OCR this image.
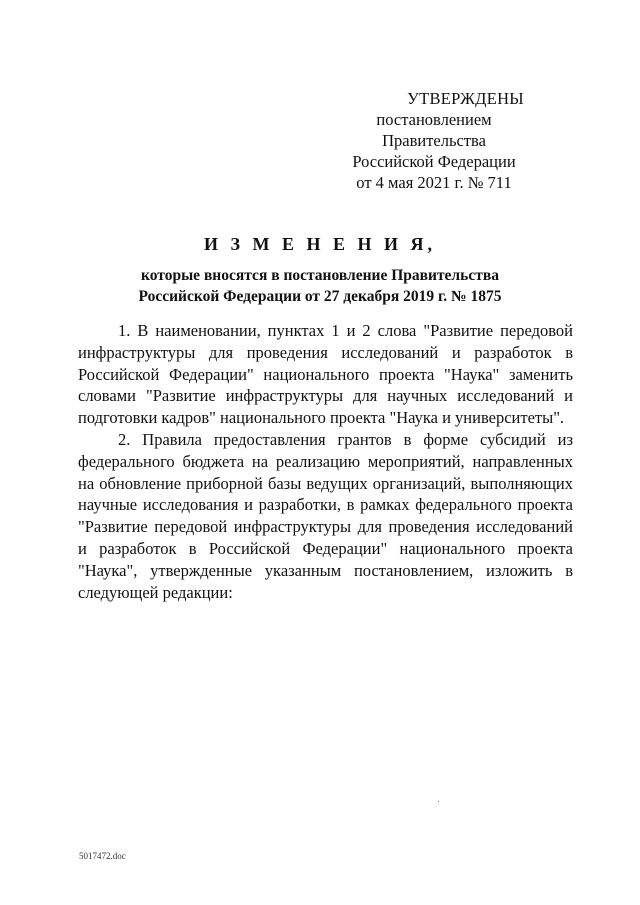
УТВЕРЖДЕНЫ
постановлением Правительства
Российской Федерации
от 4 мая 2021 г. № 711
И З М Е Н Е Н И Я,
которые вносятся в постановление Правительства
Российской Федерации от 27 декабря 2019 г. № 1875

1. В наименовании, пунктах 1 и 2 слова "Развитие передовой инфраструктуры для проведения исследований и разработок в Российской Федерации" национального проекта "Наука" заменить словами "Развитие инфраструктуры для научных исследований и подготовки кадров" национального проекта "Наука и университеты".

2. Правила предоставления грантов в форме субсидий из федерального бюджета на реализацию мероприятий, направленных на обновление приборной базы ведущих организаций, выполняющих научные исследования и разработки, в рамках федерального проекта "Развитие передовой инфраструктуры для проведения исследований и разработок в Российской Федерации" национального проекта "Наука", утвержденные указанным постановлением, изложить в следующей редакции:

5017472.doc
